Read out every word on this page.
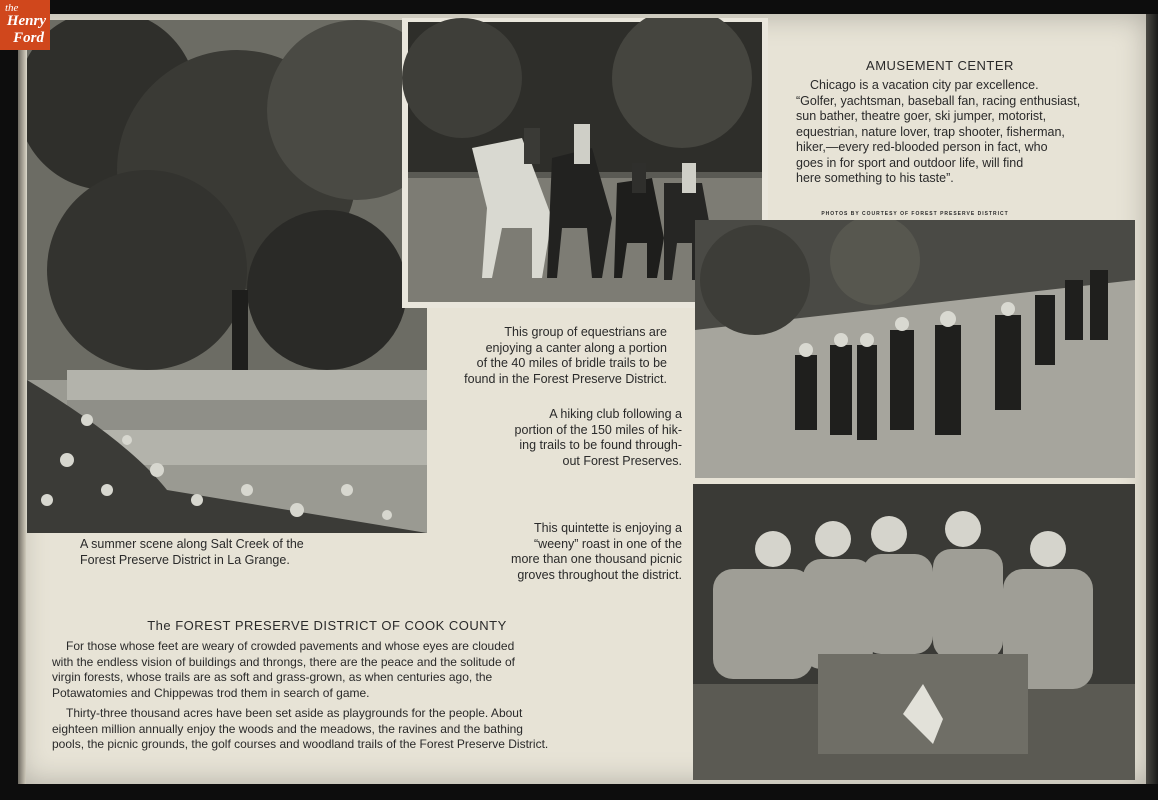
the
Henry
Ford
AMUSEMENT CENTER
Chicago is a vacation city par excellence.
“Golfer, yachtsman, baseball fan, racing enthusiast,
sun bather, theatre goer, ski jumper, motorist,
equestrian, nature lover, trap shooter, fisherman,
hiker,—every red-blooded person in fact, who
goes in for sport and outdoor life, will find
here something to his taste”.
PHOTOS BY COURTESY OF FOREST PRESERVE DISTRICT
A summer scene along Salt Creek of the
Forest Preserve District in La Grange.
This group of equestrians are
enjoying a canter along a portion
of the 40 miles of bridle trails to be
found in the Forest Preserve District.
A hiking club following a
portion of the 150 miles of hik-
ing trails to be found through-
out Forest Preserves.
This quintette is enjoying a
“weeny” roast in one of the
more than one thousand picnic
groves throughout the district.
The FOREST PRESERVE DISTRICT OF COOK COUNTY
For those whose feet are weary of crowded pavements and whose eyes are clouded
with the endless vision of buildings and throngs, there are the peace and the solitude of
virgin forests, whose trails are as soft and grass-grown, as when centuries ago, the
Potawatomies and Chippewas trod them in search of game.
Thirty-three thousand acres have been set aside as playgrounds for the people. About
eighteen million annually enjoy the woods and the meadows, the ravines and the bathing
pools, the picnic grounds, the golf courses and woodland trails of the Forest Preserve District.
